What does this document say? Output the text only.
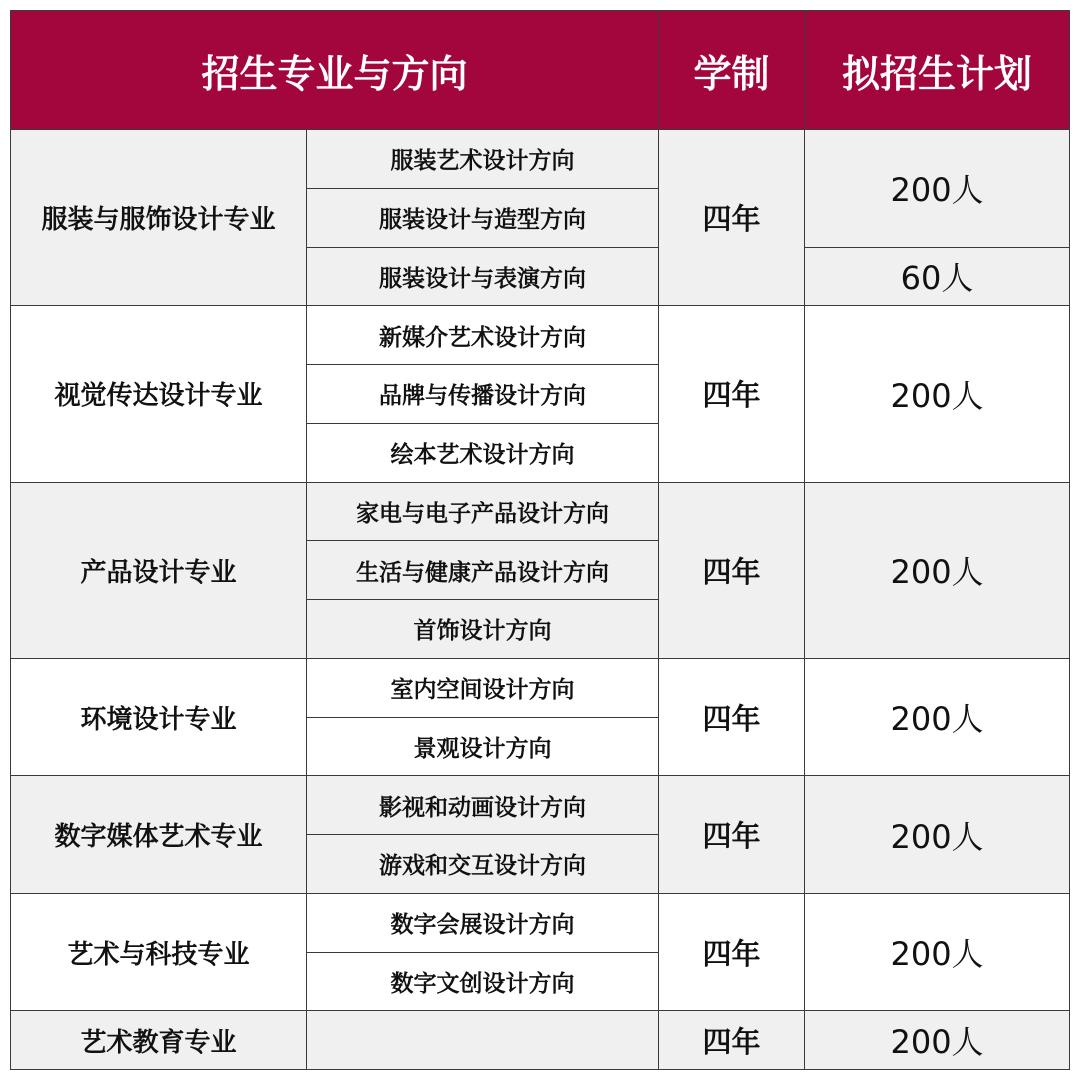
招生专业与方向		学制	拟招生计划
服装与服饰设计专业	服装艺术设计方向	四年	200人
	服装设计与造型方向		
	服装设计与表演方向		60人
视觉传达设计专业	新媒介艺术设计方向	四年	200人
	品牌与传播设计方向		
	绘本艺术设计方向		
产品设计专业	家电与电子产品设计方向	四年	200人
	生活与健康产品设计方向		
	首饰设计方向		
环境设计专业	室内空间设计方向	四年	200人
	景观设计方向		
数字媒体艺术专业	影视和动画设计方向	四年	200人
	游戏和交互设计方向		
艺术与科技专业	数字会展设计方向	四年	200人
	数字文创设计方向		
艺术教育专业		四年	200人
